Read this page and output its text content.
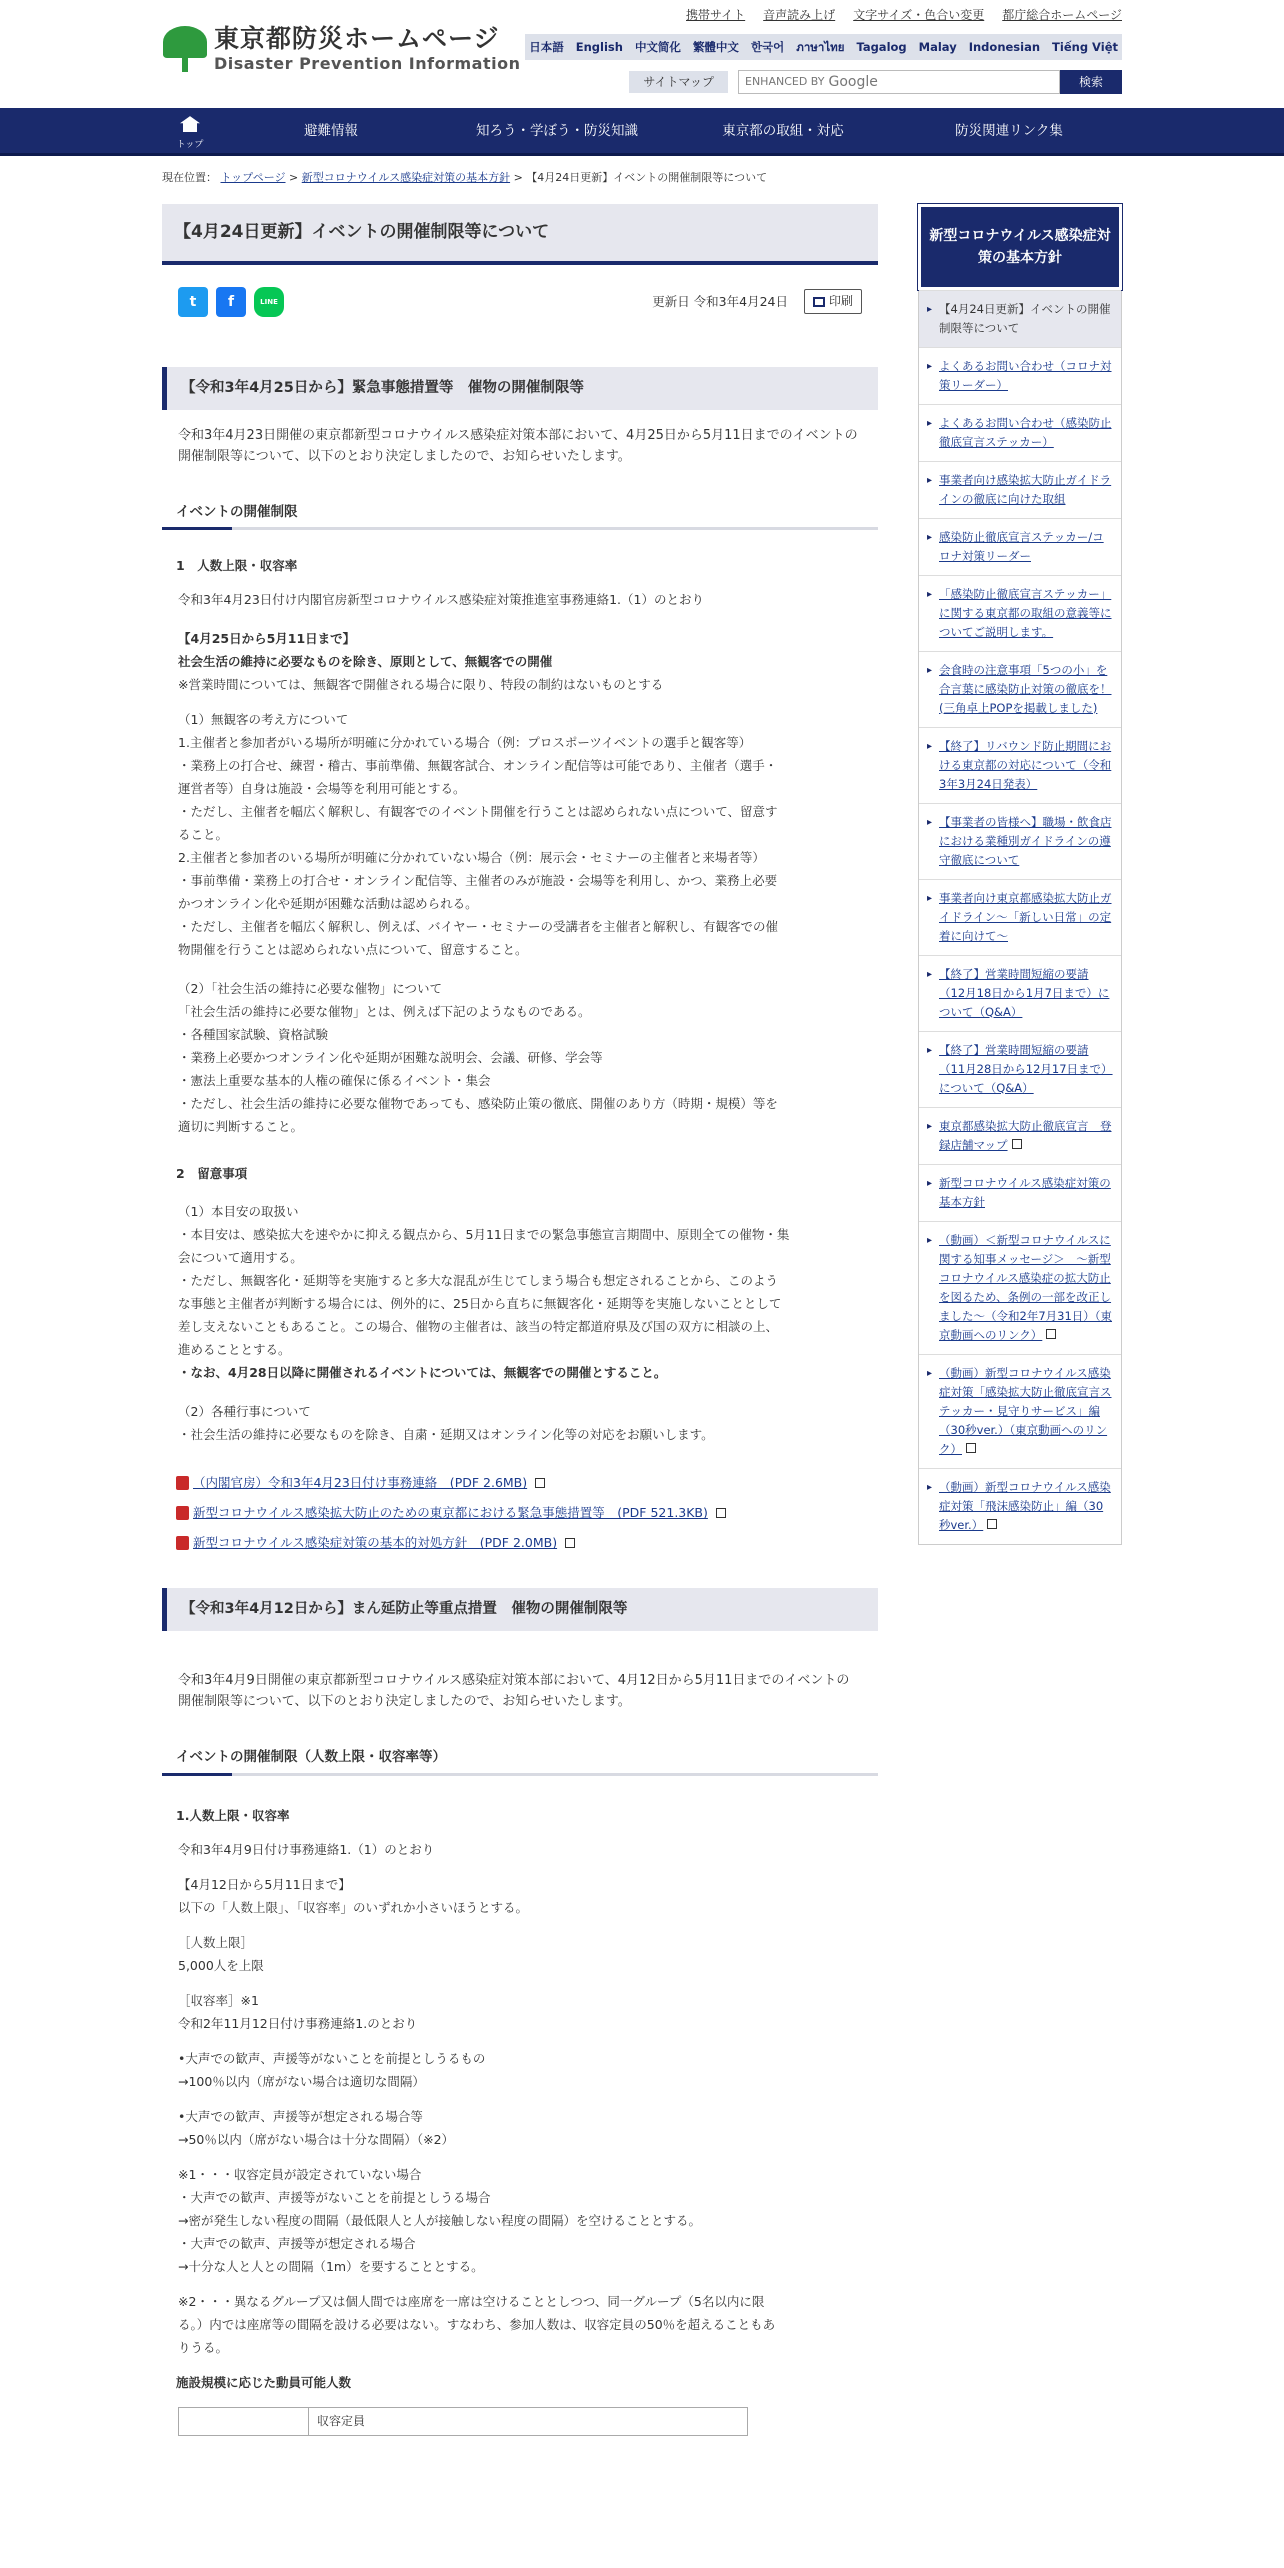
東京都防災ホームページ
Disaster Prevention Information
携帯サイト 音声読み上げ 文字サイズ・色合い変更 都庁総合ホームページ
日本語 English 中文简化 繁體中文 한국어 ภาษาไทย Tagalog Malay Indonesian Tiếng Việt
サイトマップ	ENHANCED BY Google	検索
トップ
避難情報	知ろう・学ぼう・防災知識	東京都の取組・対応	防災関連リンク集
現在位置： トップページ > 新型コロナウイルス感染症対策の基本方針 > 【4月24日更新】イベントの開催制限等について
【4月24日更新】イベントの開催制限等について
t	f	LINE	更新日 令和3年4月24日	印刷
【令和3年4月25日から】緊急事態措置等　催物の開催制限等

令和3年4月23日開催の東京都新型コロナウイルス感染症対策本部において、4月25日から5月11日までのイベントの開催制限等について、以下のとおり決定しましたので、お知らせいたします。

イベントの開催制限
1　人数上限・収容率
令和3年4月23日付け内閣官房新型コロナウイルス感染症対策推進室事務連絡1.（1）のとおり
【4月25日から5月11日まで】
社会生活の維持に必要なものを除き、原則として、無観客での開催
※営業時間については、無観客で開催される場合に限り、特段の制約はないものとする
（1）無観客の考え方について
1.主催者と参加者がいる場所が明確に分かれている場合（例：プロスポーツイベントの選手と観客等）
・業務上の打合せ、練習・稽古、事前準備、無観客試合、オンライン配信等は可能であり、主催者（選手・
運営者等）自身は施設・会場等を利用可能とする。
・ただし、主催者を幅広く解釈し、有観客でのイベント開催を行うことは認められない点について、留意す
ること。
2.主催者と参加者のいる場所が明確に分かれていない場合（例：展示会・セミナーの主催者と来場者等）
・事前準備・業務上の打合せ・オンライン配信等、主催者のみが施設・会場等を利用し、かつ、業務上必要
かつオンライン化や延期が困難な活動は認められる。
・ただし、主催者を幅広く解釈し、例えば、バイヤー・セミナーの受講者を主催者と解釈し、有観客での催
物開催を行うことは認められない点について、留意すること。
（2）「社会生活の維持に必要な催物」について
「社会生活の維持に必要な催物」とは、例えば下記のようなものである。
・各種国家試験、資格試験
・業務上必要かつオンライン化や延期が困難な説明会、会議、研修、学会等
・憲法上重要な基本的人権の確保に係るイベント・集会
・ただし、社会生活の維持に必要な催物であっても、感染防止策の徹底、開催のあり方（時期・規模）等を
適切に判断すること。
2　留意事項
（1）本目安の取扱い
・本目安は、感染拡大を速やかに抑える観点から、5月11日までの緊急事態宣言期間中、原則全ての催物・集
会について適用する。
・ただし、無観客化・延期等を実施すると多大な混乱が生じてしまう場合も想定されることから、このよう
な事態と主催者が判断する場合には、例外的に、25日から直ちに無観客化・延期等を実施しないこととして
差し支えないこともあること。この場合、催物の主催者は、該当の特定都道府県及び国の双方に相談の上、
進めることとする。
・なお、4月28日以降に開催されるイベントについては、無観客での開催とすること。
（2）各種行事について
・社会生活の維持に必要なものを除き、自粛・延期又はオンライン化等の対応をお願いします。
（内閣官房）令和3年4月23日付け事務連絡　(PDF 2.6MB)
新型コロナウイルス感染拡大防止のための東京都における緊急事態措置等　(PDF 521.3KB)
新型コロナウイルス感染症対策の基本的対処方針　(PDF 2.0MB)
【令和3年4月12日から】まん延防止等重点措置　催物の開催制限等

令和3年4月9日開催の東京都新型コロナウイルス感染症対策本部において、4月12日から5月11日までのイベントの開催制限等について、以下のとおり決定しましたので、お知らせいたします。

イベントの開催制限（人数上限・収容率等）
1.人数上限・収容率
令和3年4月9日付け事務連絡1.（1）のとおり
【4月12日から5月11日まで】
以下の「人数上限」、「収容率」のいずれか小さいほうとする。
［人数上限］
5,000人を上限
［収容率］※1
令和2年11月12日付け事務連絡1.のとおり
•大声での歓声、声援等がないことを前提としうるもの
→100％以内（席がない場合は適切な間隔）
•大声での歓声、声援等が想定される場合等
→50％以内（席がない場合は十分な間隔）（※2）
※1・・・収容定員が設定されていない場合
・大声での歓声、声援等がないことを前提としうる場合
→密が発生しない程度の間隔（最低限人と人が接触しない程度の間隔）を空けることとする。
・大声での歓声、声援等が想定される場合
→十分な人と人との間隔（1m）を要することとする。
※2・・・異なるグループ又は個人間では座席を一席は空けることとしつつ、同一グループ（5名以内に限
る。）内では座席等の間隔を設ける必要はない。すなわち、参加人数は、収容定員の50％を超えることもあ
りうる。
施設規模に応じた動員可能人数
	収容定員
新型コロナウイルス感染症対策の基本方針
▸ 【4月24日更新】イベントの開催制限等について
▸ よくあるお問い合わせ（コロナ対策リーダー）
▸ よくあるお問い合わせ（感染防止徹底宣言ステッカー）
▸ 事業者向け感染拡大防止ガイドラインの徹底に向けた取組
▸ 感染防止徹底宣言ステッカー/コロナ対策リーダー
▸ 「感染防止徹底宣言ステッカー」に関する東京都の取組の意義等についてご説明します。
▸ 会食時の注意事項「5つの小」を合言葉に感染防止対策の徹底を！(三角卓上POPを掲載しました)
▸ 【終了】リバウンド防止期間における東京都の対応について（令和3年3月24日発表）
▸ 【事業者の皆様へ】職場・飲食店における業種別ガイドラインの遵守徹底について
▸ 事業者向け東京都感染拡大防止ガイドライン～「新しい日常」の定着に向けて～
▸ 【終了】営業時間短縮の要請（12月18日から1月7日まで）について（Q&A）
▸ 【終了】営業時間短縮の要請（11月28日から12月17日まで）について（Q&A）
▸ 東京都感染拡大防止徹底宣言　登録店舗マップ
▸ 新型コロナウイルス感染症対策の基本方針
▸ （動画）＜新型コロナウイルスに関する知事メッセージ＞　～新型コロナウイルス感染症の拡大防止を図るため、条例の一部を改正しました～（令和2年7月31日）（東京動画へのリンク）
▸ （動画）新型コロナウイルス感染症対策「感染拡大防止徹底宣言ステッカー・見守りサービス」編（30秒ver.）（東京動画へのリンク）
▸ （動画）新型コロナウイルス感染症対策「飛沫感染防止」編（30秒ver.）
